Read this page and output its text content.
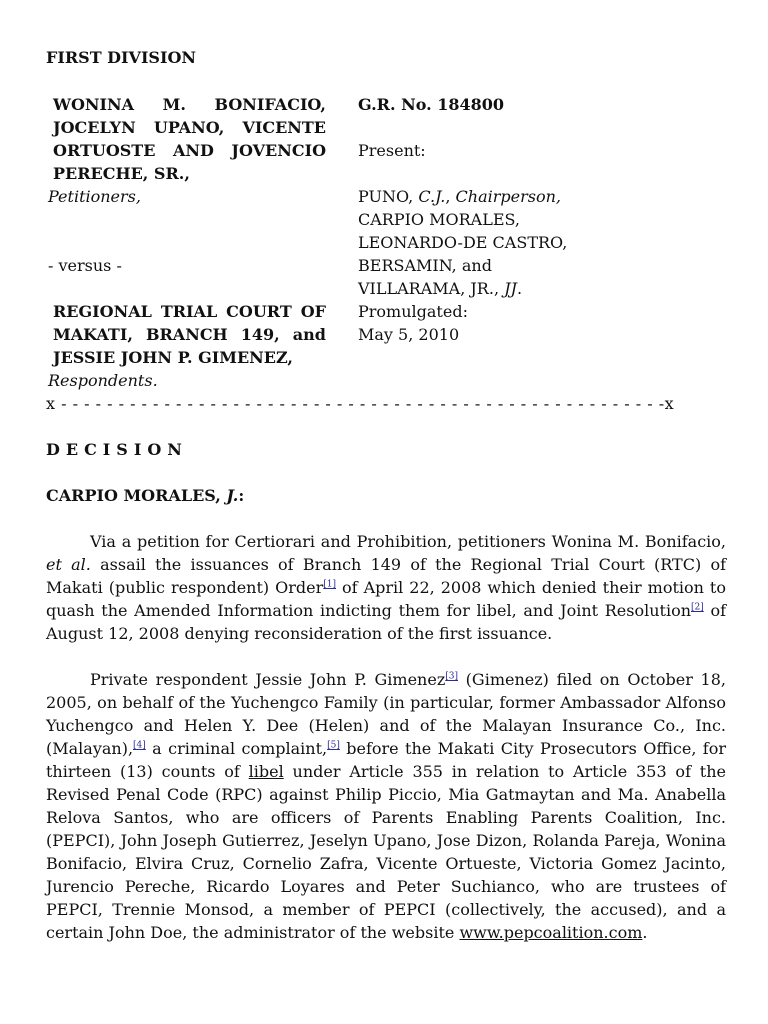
FIRST DIVISION
WONINA M. BONIFACIO, JOCELYN UPANO, VICENTE ORTUOSTE AND JOVENCIO PERECHE, SR.,
Petitioners,
- versus -
REGIONAL TRIAL COURT OF MAKATI, BRANCH 149, and JESSIE JOHN P. GIMENEZ,
Respondents.
G.R. No. 184800
Present:
PUNO, C.J., Chairperson,
CARPIO MORALES,
LEONARDO-DE CASTRO,
BERSAMIN, and
VILLARAMA, JR., JJ.
Promulgated:
May 5, 2010
x - - - - - - - - - - - - - - - - - - - - - - - - - - - - - - - - - - - - - - - - - - - - - - - - - - - - -x
DECISION
CARPIO MORALES, J.:

Via a petition for Certiorari and Prohibition, petitioners Wonina M. Bonifacio, et al. assail the issuances of Branch 149 of the Regional Trial Court (RTC) of Makati (public respondent) Order[1] of April 22, 2008 which denied their motion to quash the Amended Information indicting them for libel, and Joint Resolution[2] of August 12, 2008 denying reconsideration of the first issuance.

Private respondent Jessie John P. Gimenez[3] (Gimenez) filed on October 18, 2005, on behalf of the Yuchengco Family (in particular, former Ambassador Alfonso Yuchengco and Helen Y. Dee (Helen) and of the Malayan Insurance Co., Inc. (Malayan),[4] a criminal complaint,[5] before the Makati City Prosecutors Office, for thirteen (13) counts of libel under Article 355 in relation to Article 353 of the Revised Penal Code (RPC) against Philip Piccio, Mia Gatmaytan and Ma. Anabella Relova Santos, who are officers of Parents Enabling Parents Coalition, Inc. (PEPCI), John Joseph Gutierrez, Jeselyn Upano, Jose Dizon, Rolanda Pareja, Wonina Bonifacio, Elvira Cruz, Cornelio Zafra, Vicente Ortueste, Victoria Gomez Jacinto, Jurencio Pereche, Ricardo Loyares and Peter Suchianco, who are trustees of PEPCI, Trennie Monsod, a member of PEPCI (collectively, the accused), and a certain John Doe, the administrator of the website www.pepcoalition.com.
